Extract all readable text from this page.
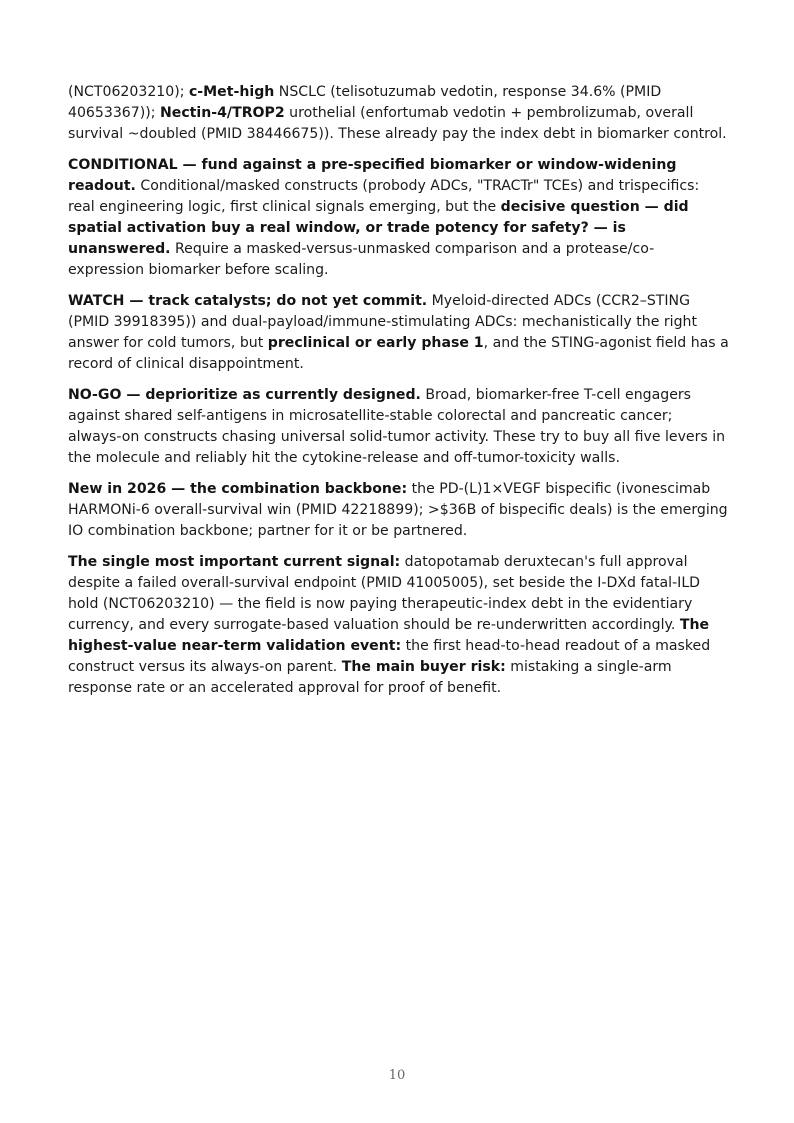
(NCT06203210); c-Met-high NSCLC (telisotuzumab vedotin, response 34.6% (PMID 40653367)); Nectin-4/TROP2 urothelial (enfortumab vedotin + pembrolizumab, overall survival ~doubled (PMID 38446675)). These already pay the index debt in biomarker control.

CONDITIONAL — fund against a pre-specified biomarker or window-widening readout. Conditional/masked constructs (probody ADCs, "TRACTr" TCEs) and trispecifics: real engineering logic, first clinical signals emerging, but the decisive question — did spatial activation buy a real window, or trade potency for safety? — is unanswered. Require a masked-versus-unmasked comparison and a protease/co-expression biomarker before scaling.

WATCH — track catalysts; do not yet commit. Myeloid-directed ADCs (CCR2–STING (PMID 39918395)) and dual-payload/immune-stimulating ADCs: mechanistically the right answer for cold tumors, but preclinical or early phase 1, and the STING-agonist field has a record of clinical disappointment.

NO-GO — deprioritize as currently designed. Broad, biomarker-free T-cell engagers against shared self-antigens in microsatellite-stable colorectal and pancreatic cancer; always-on constructs chasing universal solid-tumor activity. These try to buy all five levers in the molecule and reliably hit the cytokine-release and off-tumor-toxicity walls.

New in 2026 — the combination backbone: the PD-(L)1×VEGF bispecific (ivonescimab HARMONi-6 overall-survival win (PMID 42218899); >$36B of bispecific deals) is the emerging IO combination backbone; partner for it or be partnered.

The single most important current signal: datopotamab deruxtecan's full approval despite a failed overall-survival endpoint (PMID 41005005), set beside the I-DXd fatal-ILD hold (NCT06203210) — the field is now paying therapeutic-index debt in the evidentiary currency, and every surrogate-based valuation should be re-underwritten accordingly. The highest-value near-term validation event: the first head-to-head readout of a masked construct versus its always-on parent. The main buyer risk: mistaking a single-arm response rate or an accelerated approval for proof of benefit.

10
